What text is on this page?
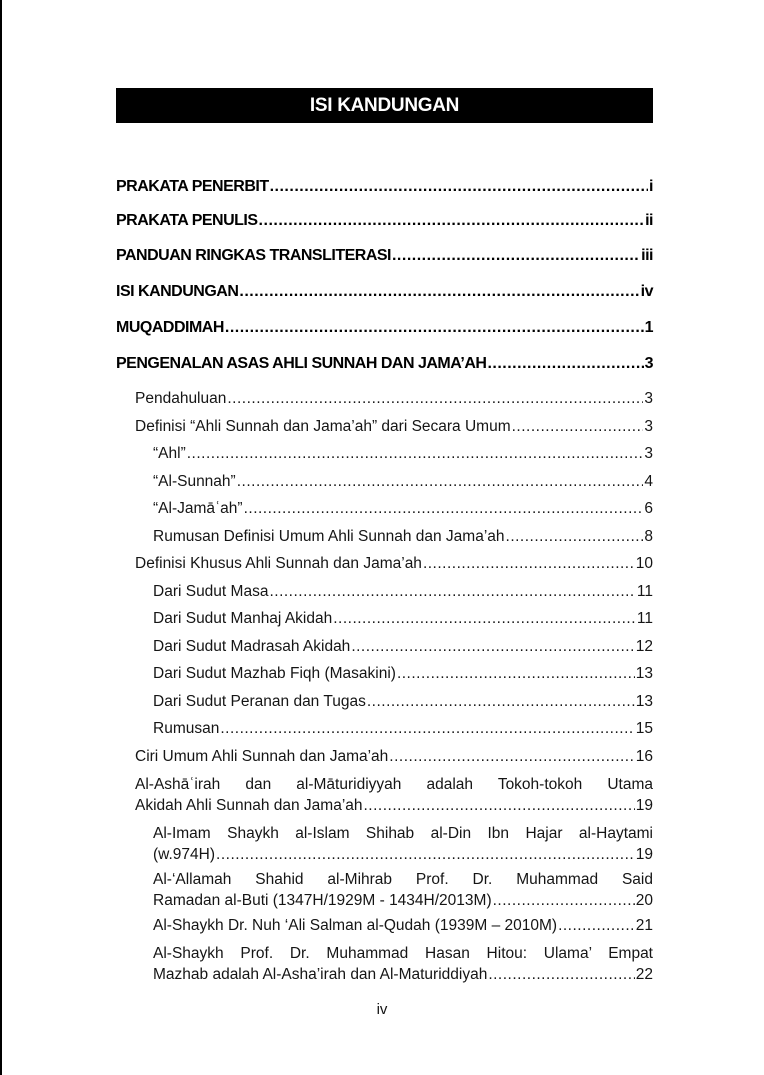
ISI KANDUNGAN
PRAKATA PENERBIT .....	i
PRAKATA PENULIS .....	ii
PANDUAN RINGKAS TRANSLITERASI .....	iii
ISI KANDUNGAN .....	iv
MUQADDIMAH .....	1
PENGENALAN ASAS AHLI SUNNAH DAN JAMA’AH .....	3
Pendahuluan .....	3
Definisi “Ahli Sunnah dan Jama’ah” dari Secara Umum .....	3
“Ahl” .....	3
“Al-Sunnah” .....	4
“Al-Jamāʿah” .....	6
Rumusan Definisi Umum Ahli Sunnah dan Jama’ah .....	8
Definisi Khusus Ahli Sunnah dan Jama’ah .....	10
Dari Sudut Masa .....	11
Dari Sudut Manhaj Akidah .....	11
Dari Sudut Madrasah Akidah .....	12
Dari Sudut Mazhab Fiqh (Masakini) .....	13
Dari Sudut Peranan dan Tugas .....	13
Rumusan .....	15
Ciri Umum Ahli Sunnah dan Jama’ah .....	16
Al-Ashāʿirah dan al-Māturidiyyah adalah Tokoh-tokoh Utama
Akidah Ahli Sunnah dan Jama’ah .....	19
Al-Imam Shaykh al-Islam Shihab al-Din Ibn Hajar al-Haytami
(w.974H) .....	19
Al-‘Allamah Shahid al-Mihrab Prof. Dr. Muhammad Said
Ramadan al-Buti (1347H/1929M - 1434H/2013M) .....	20
Al-Shaykh Dr. Nuh ‘Ali Salman al-Qudah (1939M – 2010M) .....	21
Al-Shaykh Prof. Dr. Muhammad Hasan Hitou: Ulama’ Empat
Mazhab adalah Al-Asha’irah dan Al-Maturiddiyah .....	22
iv
